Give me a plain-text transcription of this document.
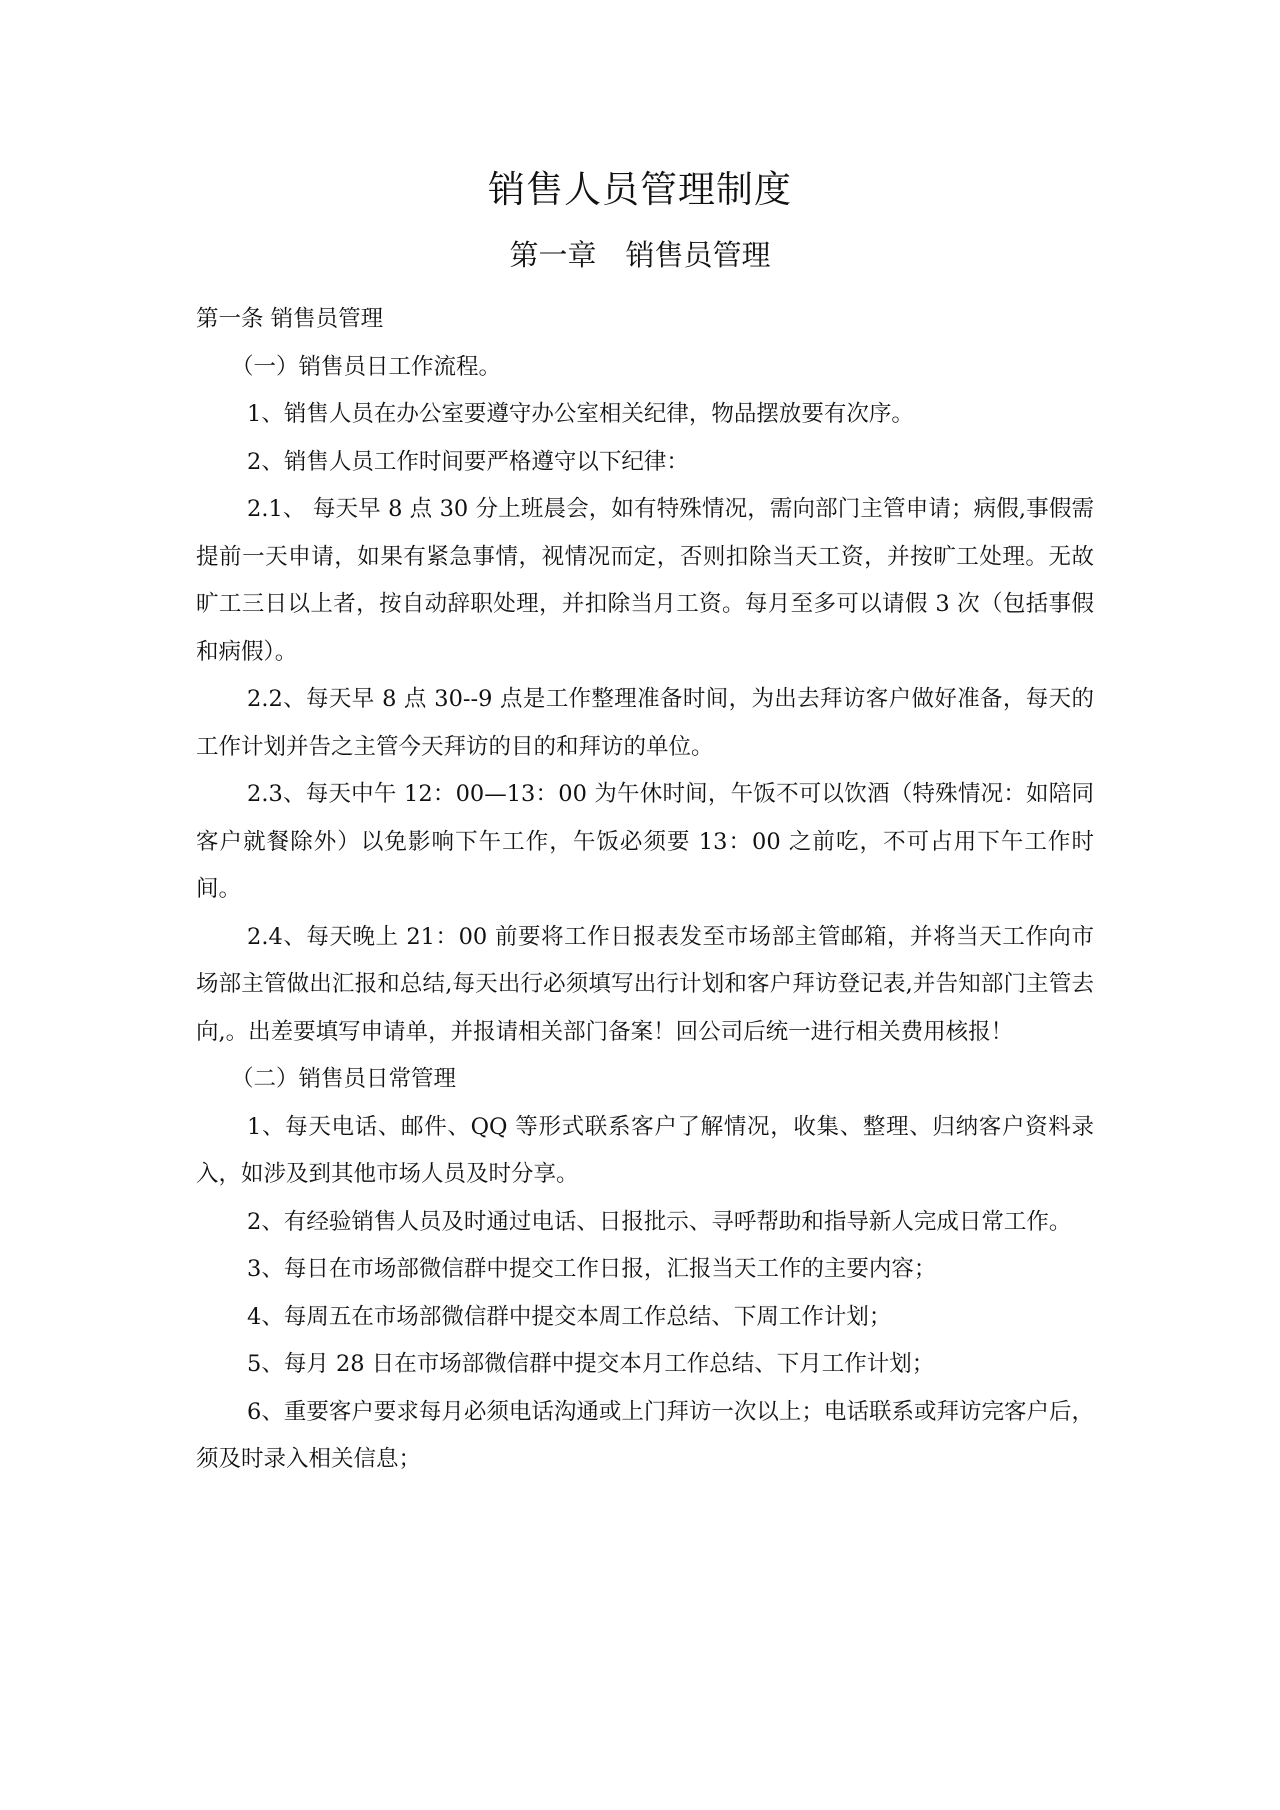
销售人员管理制度
第一章　销售员管理

第一条 销售员管理

（一）销售员日工作流程。

1、销售人员在办公室要遵守办公室相关纪律，物品摆放要有次序。

2、销售人员工作时间要严格遵守以下纪律：

2.1、 每天早 8 点 30 分上班晨会，如有特殊情况，需向部门主管申请；病假,事假需提前一天申请，如果有紧急事情，视情况而定，否则扣除当天工资，并按旷工处理。无故旷工三日以上者，按自动辞职处理，并扣除当月工资。每月至多可以请假 3 次（包括事假和病假）。

2.2、每天早 8 点 30--9 点是工作整理准备时间，为出去拜访客户做好准备，每天的工作计划并告之主管今天拜访的目的和拜访的单位。

2.3、每天中午 12：00—13：00 为午休时间，午饭不可以饮酒（特殊情况：如陪同客户就餐除外）以免影响下午工作，午饭必须要 13：00 之前吃，不可占用下午工作时间。

2.4、每天晚上 21：00 前要将工作日报表发至市场部主管邮箱，并将当天工作向市场部主管做出汇报和总结,每天出行必须填写出行计划和客户拜访登记表,并告知部门主管去向,。出差要填写申请单，并报请相关部门备案！回公司后统一进行相关费用核报！

（二）销售员日常管理

1、每天电话、邮件、QQ 等形式联系客户了解情况，收集、整理、归纳客户资料录入，如涉及到其他市场人员及时分享。

2、有经验销售人员及时通过电话、日报批示、寻呼帮助和指导新人完成日常工作。

3、每日在市场部微信群中提交工作日报，汇报当天工作的主要内容；

4、每周五在市场部微信群中提交本周工作总结、下周工作计划；

5、每月 28 日在市场部微信群中提交本月工作总结、下月工作计划；

6、重要客户要求每月必须电话沟通或上门拜访一次以上；电话联系或拜访完客户后，须及时录入相关信息；
